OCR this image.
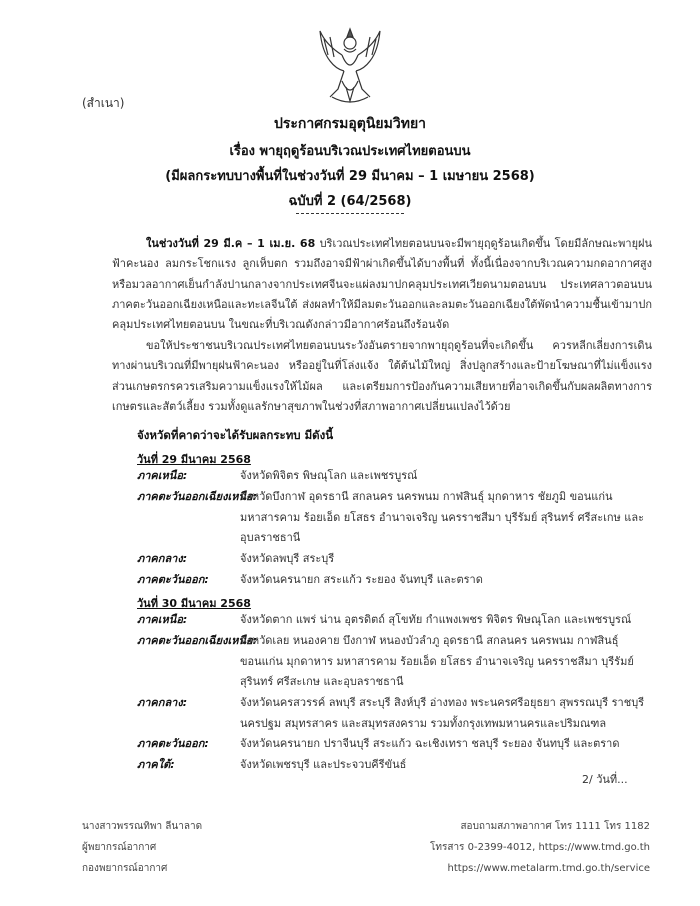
(สำเนา)
ประกาศกรมอุตุนิยมวิทยา
เรื่อง พายุฤดูร้อนบริเวณประเทศไทยตอนบน
(มีผลกระทบบางพื้นที่ในช่วงวันที่ 29 มีนาคม – 1 เมษายน 2568)
ฉบับที่ 2 (64/2568)
ในช่วงวันที่ 29 มี.ค – 1 เม.ย. 68 บริเวณประเทศไทยตอนบนจะมีพายุฤดูร้อนเกิดขึ้น โดยมีลักษณะพายุฝนฟ้าคะนอง ลมกระโชกแรง ลูกเห็บตก รวมถึงอาจมีฟ้าผ่าเกิดขึ้นได้บางพื้นที่ ทั้งนี้เนื่องจากบริเวณความกดอากาศสูงหรือมวลอากาศเย็นกำลังปานกลางจากประเทศจีนจะแผ่ลงมาปกคลุมประเทศเวียดนามตอนบน ประเทศลาวตอนบน ภาคตะวันออกเฉียงเหนือและทะเลจีนใต้ ส่งผลทำให้มีลมตะวันออกและลมตะวันออกเฉียงใต้พัดนำความชื้นเข้ามาปกคลุมประเทศไทยตอนบน ในขณะที่บริเวณดังกล่าวมีอากาศร้อนถึงร้อนจัด
ขอให้ประชาชนบริเวณประเทศไทยตอนบนระวังอันตรายจากพายุฤดูร้อนที่จะเกิดขึ้น ควรหลีกเลี่ยงการเดินทางผ่านบริเวณที่มีพายุฝนฟ้าคะนอง หรืออยู่ในที่โล่งแจ้ง ใต้ต้นไม้ใหญ่ สิ่งปลูกสร้างและป้ายโฆษณาที่ไม่แข็งแรง ส่วนเกษตรกรควรเสริมความแข็งแรงให้ไม้ผล และเตรียมการป้องกันความเสียหายที่อาจเกิดขึ้นกับผลผลิตทางการเกษตรและสัตว์เลี้ยง รวมทั้งดูแลรักษาสุขภาพในช่วงที่สภาพอากาศเปลี่ยนแปลงไว้ด้วย
จังหวัดที่คาดว่าจะได้รับผลกระทบ มีดังนี้
วันที่ 29 มีนาคม 2568
ภาคเหนือ:	จังหวัดพิจิตร พิษณุโลก และเพชรบูรณ์
ภาคตะวันออกเฉียงเหนือ:
จังหวัดบึงกาฬ อุดรธานี สกลนคร นครพนม กาฬสินธุ์ มุกดาหาร ชัยภูมิ ขอนแก่น มหาสารคาม ร้อยเอ็ด ยโสธร อำนาจเจริญ นครราชสีมา บุรีรัมย์ สุรินทร์ ศรีสะเกษ และอุบลราชธานี
ภาคกลาง:	จังหวัดลพบุรี สระบุรี
ภาคตะวันออก:	จังหวัดนครนายก สระแก้ว ระยอง จันทบุรี และตราด
วันที่ 30 มีนาคม 2568
ภาคเหนือ:	จังหวัดตาก แพร่ น่าน อุตรดิตถ์ สุโขทัย กำแพงเพชร พิจิตร พิษณุโลก และเพชรบูรณ์
ภาคตะวันออกเฉียงเหนือ:
จังหวัดเลย หนองคาย บึงกาฬ หนองบัวลำภู อุดรธานี สกลนคร นครพนม กาฬสินธุ์ ขอนแก่น มุกดาหาร มหาสารคาม ร้อยเอ็ด ยโสธร อำนาจเจริญ นครราชสีมา บุรีรัมย์ สุรินทร์ ศรีสะเกษ และอุบลราชธานี
ภาคกลาง:	จังหวัดนครสวรรค์ ลพบุรี สระบุรี สิงห์บุรี อ่างทอง พระนครศรีอยุธยา สุพรรณบุรี ราชบุรี นครปฐม สมุทรสาคร และสมุทรสงคราม รวมทั้งกรุงเทพมหานครและปริมณฑล
ภาคตะวันออก:	จังหวัดนครนายก ปราจีนบุรี สระแก้ว ฉะเชิงเทรา ชลบุรี ระยอง จันทบุรี และตราด
ภาคใต้:	จังหวัดเพชรบุรี และประจวบคีรีขันธ์
2/ วันที่...
นางสาวพรรณทิพา ลีนาลาด
ผู้พยากรณ์อากาศ
กองพยากรณ์อากาศ
สอบถามสภาพอากาศ โทร 1111 โทร 1182
โทรสาร 0-2399-4012, https://www.tmd.go.th
https://www.metalarm.tmd.go.th/service
